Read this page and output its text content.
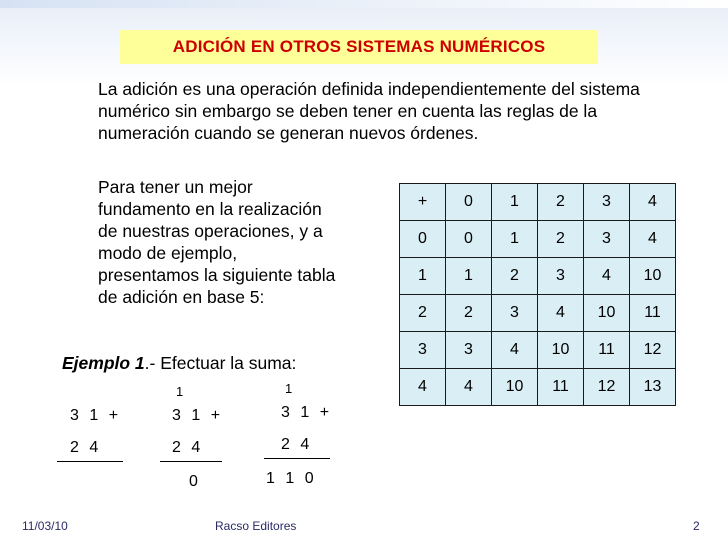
ADICIÓN EN OTROS SISTEMAS NUMÉRICOS
La adición es una operación definida independientemente del sistema numérico sin embargo se deben tener en cuenta las reglas de la numeración cuando se generan nuevos órdenes.
Para tener un mejor fundamento en la realización de nuestras operaciones, y a modo de ejemplo, presentamos la siguiente tabla de adición en base 5:
Ejemplo 1.- Efectuar la suma:
+	0	1	2	3	4
0	0	1	2	3	4
1	1	2	3	4	10
2	2	3	4	10	11
3	3	4	10	11	12
4	4	10	11	12	13
3 1 +
2 4
1
3 1 +
2 4
0
1
3 1 +
2 4
1 1 0
11/03/10	Racso Editores	2
